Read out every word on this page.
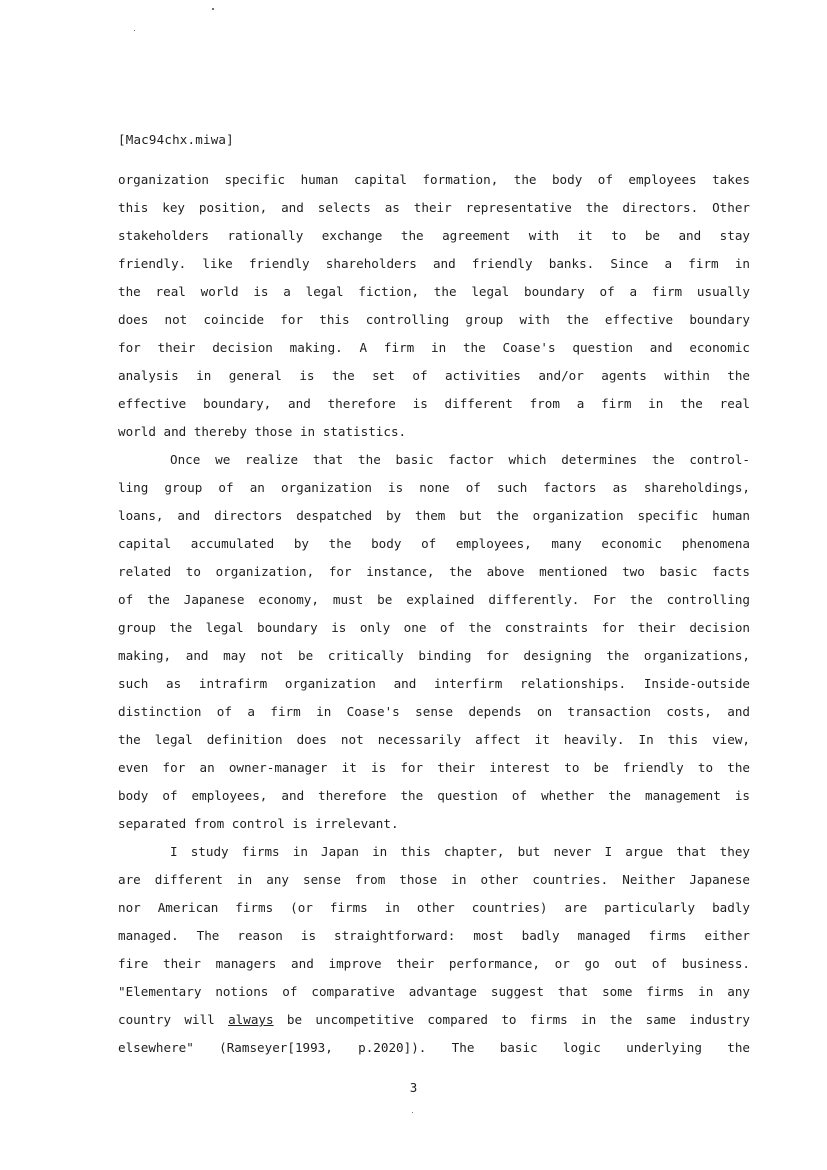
[Mac94chx.miwa]
organization specific human capital formation, the body of employees takes
this key position, and selects as their representative the directors. Other
stakeholders rationally exchange the agreement with it to be and stay
friendly. like friendly shareholders and friendly banks. Since a firm in
the real world is a legal fiction, the legal boundary of a firm usually
does not coincide for this controlling group with the effective boundary
for their decision making. A firm in the Coase's question and economic
analysis in general is the set of activities and/or agents within the
effective boundary, and therefore is different from a firm in the real
world and thereby those in statistics.
Once we realize that the basic factor which determines the control-
ling group of an organization is none of such factors as shareholdings,
loans, and directors despatched by them but the organization specific human
capital accumulated by the body of employees, many economic phenomena
related to organization, for instance, the above mentioned two basic facts
of the Japanese economy, must be explained differently. For the controlling
group the legal boundary is only one of the constraints for their decision
making, and may not be critically binding for designing the organizations,
such as intrafirm organization and interfirm relationships. Inside-outside
distinction of a firm in Coase's sense depends on transaction costs, and
the legal definition does not necessarily affect it heavily. In this view,
even for an owner-manager it is for their interest to be friendly to the
body of employees, and therefore the question of whether the management is
separated from control is irrelevant.
I study firms in Japan in this chapter, but never I argue that they
are different in any sense from those in other countries. Neither Japanese
nor American firms (or firms in other countries) are particularly badly
managed. The reason is straightforward: most badly managed firms either
fire their managers and improve their performance, or go out of business.
"Elementary notions of comparative advantage suggest that some firms in any
country will always be uncompetitive compared to firms in the same industry
elsewhere" (Ramseyer[1993, p.2020]). The basic logic underlying the
3
